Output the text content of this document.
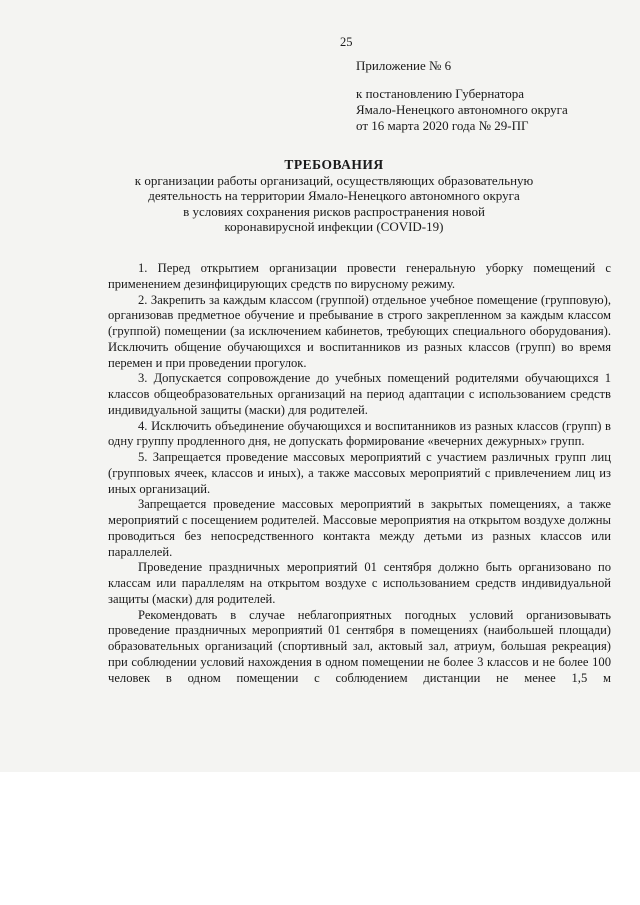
25
Приложение № 6
к постановлению Губернатора
Ямало-Ненецкого автономного округа
от 16 марта 2020 года № 29-ПГ
ТРЕБОВАНИЯ
к организации работы организаций, осуществляющих образовательную
деятельность на территории Ямало-Ненецкого автономного округа
в условиях сохранения рисков распространения новой
коронавирусной инфекции (COVID-19)

1. Перед открытием организации провести генеральную уборку помещений с применением дезинфицирующих средств по вирусному режиму.

2. Закрепить за каждым классом (группой) отдельное учебное помещение (групповую), организовав предметное обучение и пребывание в строго закрепленном за каждым классом (группой) помещении (за исключением кабинетов, требующих специального оборудования). Исключить общение обучающихся и воспитанников из разных классов (групп) во время перемен и при проведении прогулок.

3. Допускается сопровождение до учебных помещений родителями обучающихся 1 классов общеобразовательных организаций на период адаптации с использованием средств индивидуальной защиты (маски) для родителей.

4. Исключить объединение обучающихся и воспитанников из разных классов (групп) в одну группу продленного дня, не допускать формирование «вечерних дежурных» групп.

5. Запрещается проведение массовых мероприятий с участием различных групп лиц (групповых ячеек, классов и иных), а также массовых мероприятий с привлечением лиц из иных организаций.

Запрещается проведение массовых мероприятий в закрытых помещениях, а также мероприятий с посещением родителей. Массовые мероприятия на открытом воздухе должны проводиться без непосредственного контакта между детьми из разных классов или параллелей.

Проведение праздничных мероприятий 01 сентября должно быть организовано по классам или параллелям на открытом воздухе с использованием средств индивидуальной защиты (маски) для родителей.

Рекомендовать в случае неблагоприятных погодных условий организовывать проведение праздничных мероприятий 01 сентября в помещениях (наибольшей площади) образовательных организаций (спортивный зал, актовый зал, атриум, большая рекреация) при соблюдении условий нахождения в одном помещении не более 3 классов и не более 100 человек в одном помещении с соблюдением дистанции не менее 1,5 м
